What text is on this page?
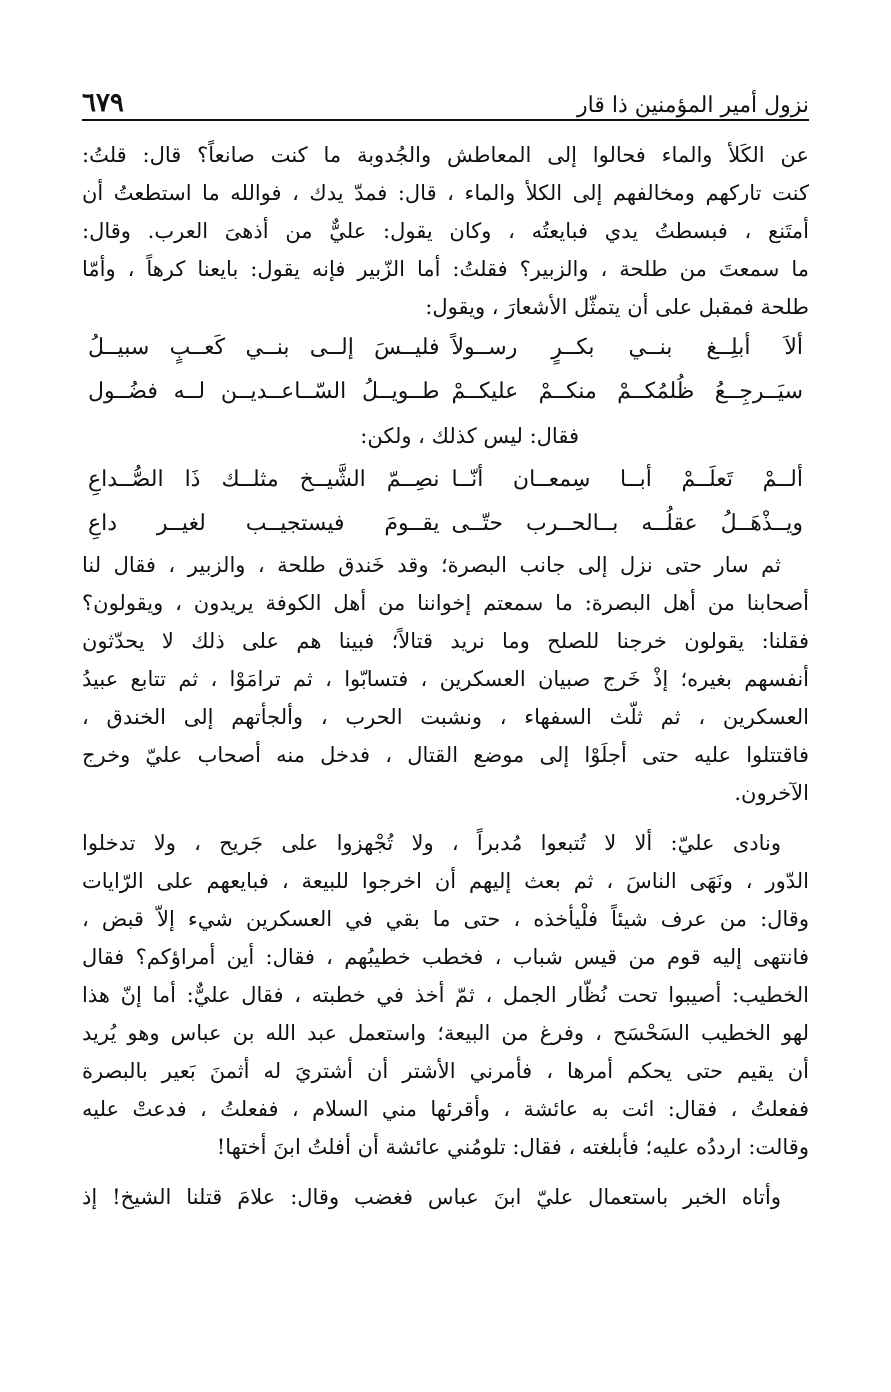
نزول أمير المؤمنين ذا قار
٦٧٩
عن الكَلأ والماء فحالوا إلى المعاطش والجُدوبة ما كنت صانعاً؟ قال: قلتُ:
كنت تاركهم ومخالفهم إلى الكلأ والماء ، قال: فمدّ يدك ، فوالله ما استطعتُ أن
أمتَنع ، فبسطتُ يدي فبايعتُه ، وكان يقول: عليٌّ من أذهىَ العرب. وقال:
ما سمعتَ من طلحة ، والزبير؟ فقلتُ: أما الزّبير فإنه يقول: بايعنا كرهاً ، وأمّا
طلحة فمقبل على أن يتمثّل الأشعارَ ، ويقول:
ألاَ أبلِــغ بنــي بكــرٍ رســولاً
فليــسَ إلــى بنــي كَعــبٍ سبيــلُ
سيَــرجِــعُ ظُلمُكــمْ منكــمْ عليكــمْ
طــويــلُ السّــاعــديــن لــه فضُــول
فقال: ليس كذلك ، ولكن:
ألــمْ تَعلَــمْ أبــا سِمعــان أنّــا
نصِــمّ الشَّيــخ مثلــك ذَا الصُّــداعِ
ويــذْهَــلُ عقلُــه بــالحــرب حتّــى
يقــومَ فيستجيــب لغيــر داعِ
ثم سار حتى نزل إلى جانب البصرة؛ وقد خَندق طلحة ، والزبير ، فقال لنا
أصحابنا من أهل البصرة: ما سمعتم إخواننا من أهل الكوفة يريدون ، ويقولون؟
فقلنا: يقولون خرجنا للصلح وما نريد قتالاً؛ فبينا هم على ذلك لا يحدّثون
أنفسهم بغيره؛ إذْ خَرج صبيان العسكرين ، فتسابّوا ، ثم ترامَوْا ، ثم تتابع عبيدُ
العسكرين ، ثم ثلّث السفهاء ، ونشبت الحرب ، وألجأتهم إلى الخندق ،
فاقتتلوا عليه حتى أجلَوْا إلى موضع القتال ، فدخل منه أصحاب عليّ وخرج
الآخرون.
ونادى عليّ: ألا لا تُتبعوا مُدبراً ، ولا تُجْهزوا على جَريح ، ولا تدخلوا
الدّور ، ونَهَى الناسَ ، ثم بعث إليهم أن اخرجوا للبيعة ، فبايعهم على الرّايات
وقال: من عرف شيئاً فلْيأخذه ، حتى ما بقي في العسكرين شيء إلاّ قبض ،
فانتهى إليه قوم من قيس شباب ، فخطب خطيبُهم ، فقال: أين أمراؤكم؟ فقال
الخطيب: أصيبوا تحت نُظّار الجمل ، ثمّ أخذ في خطبته ، فقال عليٌّ: أما إنّ هذا
لهو الخطيب السَحْسَح ، وفرغ من البيعة؛ واستعمل عبد الله بن عباس وهو يُريد
أن يقيم حتى يحكم أمرها ، فأمرني الأشتر أن أشتريَ له أثمنَ بَعير بالبصرة
ففعلتُ ، فقال: ائت به عائشة ، وأقرئها مني السلام ، ففعلتُ ، فدعتْ عليه
وقالت: ارددُه عليه؛ فأبلغته ، فقال: تلومُني عائشة أن أفلتُ ابنَ أختها!
وأتاه الخبر باستعمال عليّ ابنَ عباس فغضب وقال: علامَ قتلنا الشيخ! إذ
